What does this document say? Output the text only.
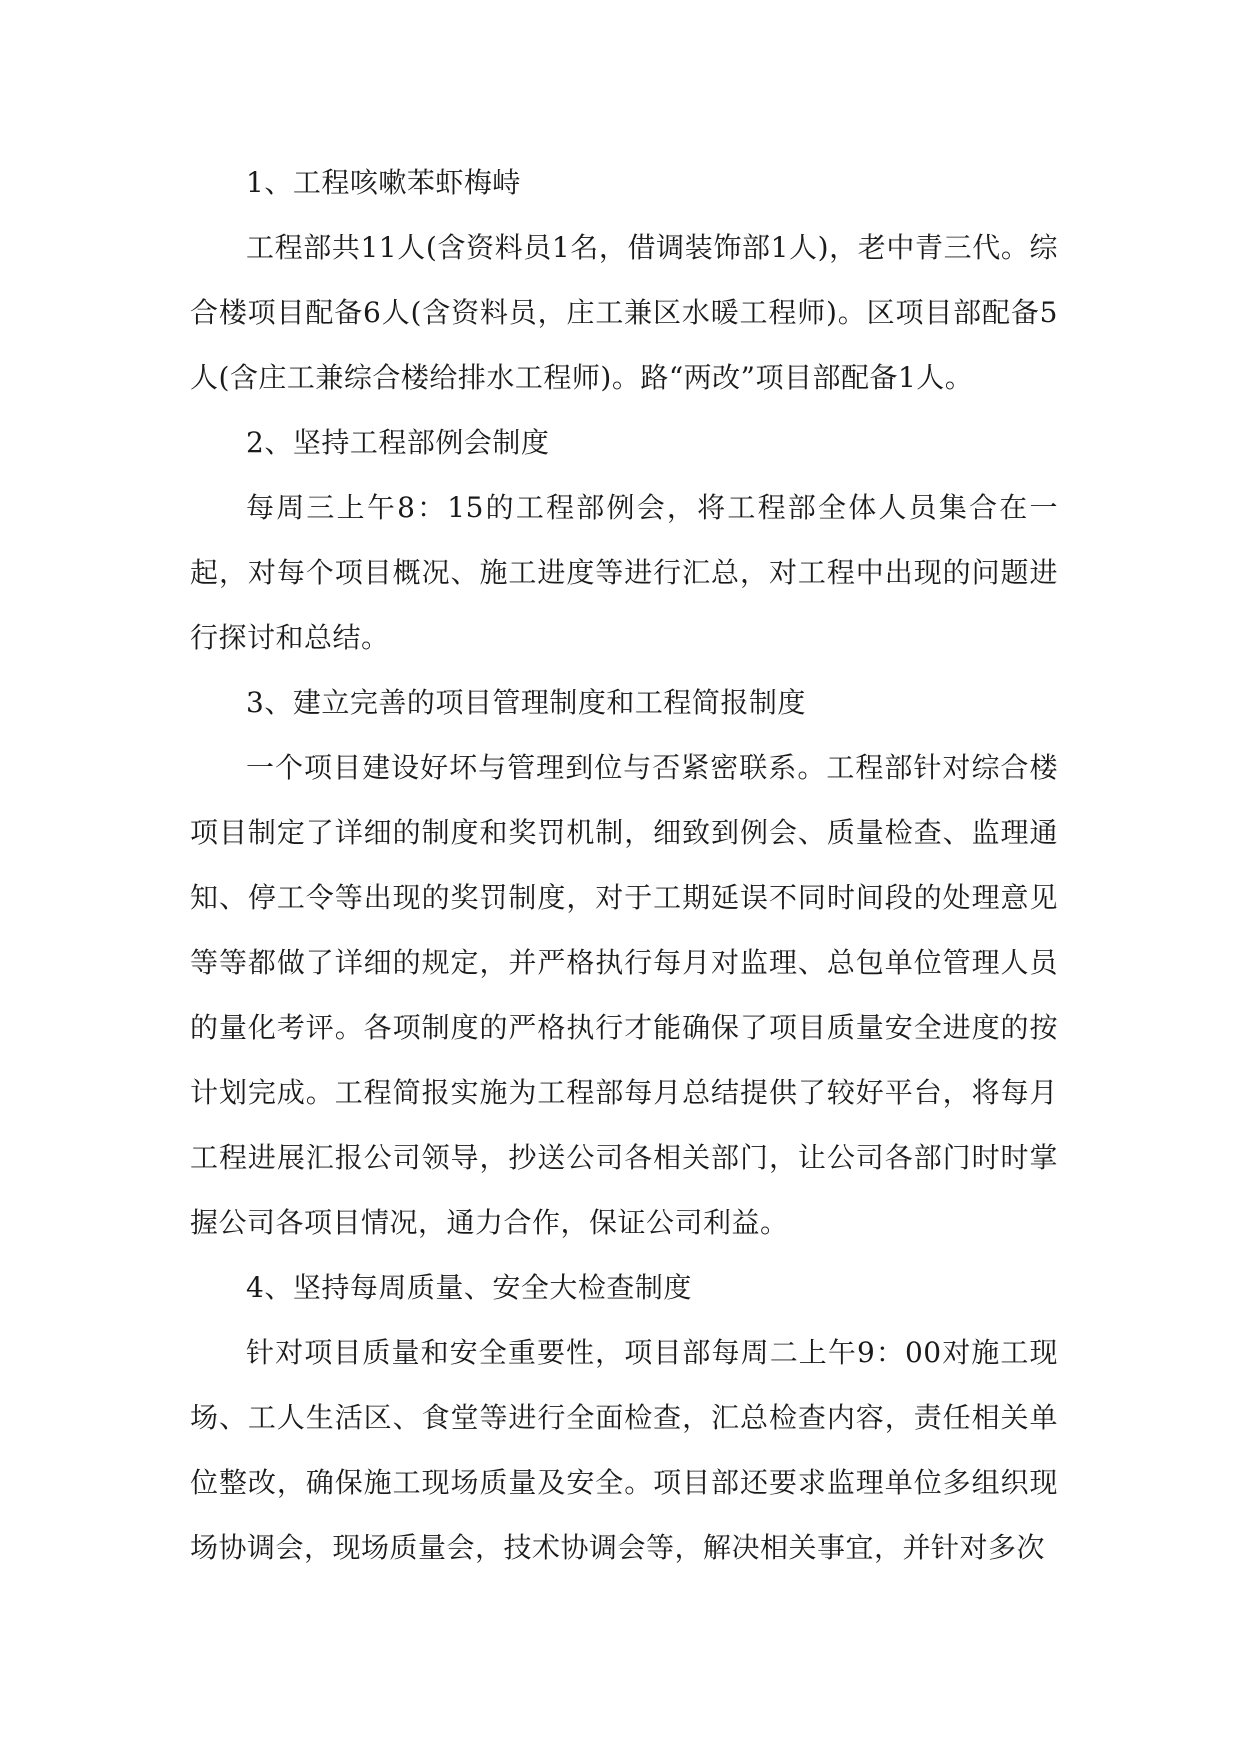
1、工程咳嗽苯虾梅峙

工程部共11人(含资料员1名，借调装饰部1人)，老中青三代。综合楼项目配备6人(含资料员，庄工兼区水暖工程师)。区项目部配备5人(含庄工兼综合楼给排水工程师)。路“两改”项目部配备1人。

2、坚持工程部例会制度

每周三上午8：15的工程部例会，将工程部全体人员集合在一起，对每个项目概况、施工进度等进行汇总，对工程中出现的问题进行探讨和总结。

3、建立完善的项目管理制度和工程简报制度

一个项目建设好坏与管理到位与否紧密联系。工程部针对综合楼项目制定了详细的制度和奖罚机制，细致到例会、质量检查、监理通知、停工令等出现的奖罚制度，对于工期延误不同时间段的处理意见等等都做了详细的规定，并严格执行每月对监理、总包单位管理人员的量化考评。各项制度的严格执行才能确保了项目质量安全进度的按计划完成。工程简报实施为工程部每月总结提供了较好平台，将每月工程进展汇报公司领导，抄送公司各相关部门，让公司各部门时时掌握公司各项目情况，通力合作，保证公司利益。

4、坚持每周质量、安全大检查制度

针对项目质量和安全重要性，项目部每周二上午9：00对施工现场、工人生活区、食堂等进行全面检查，汇总检查内容，责任相关单位整改，确保施工现场质量及安全。项目部还要求监理单位多组织现场协调会，现场质量会，技术协调会等，解决相关事宜，并针对多次
